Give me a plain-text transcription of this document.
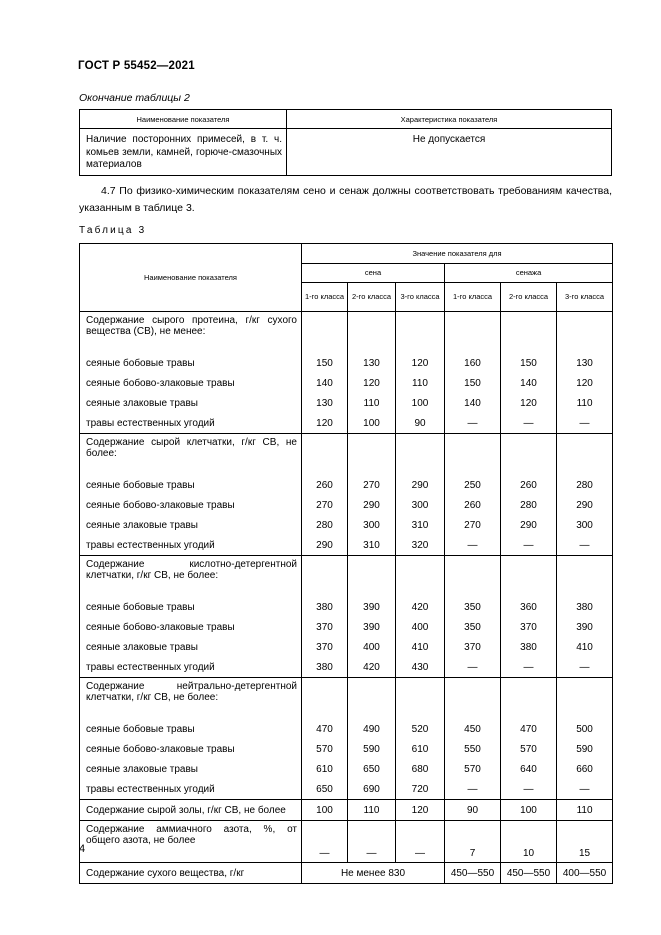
ГОСТ Р 55452—2021
Окончание таблицы 2
Наименование показателя	Характеристика показателя
Наличие посторонних примесей, в т. ч. комьев земли, камней, горюче-смазочных материалов	Не допускается
4.7 По физико-химическим показателям сено и сенаж должны соответствовать требованиям качества, указанным в таблице 3.
Таблица 3
Наименование показателя	Значение показателя для					
	сена			сенажа		
	1-го класса	2-го класса	3-го класса	1-го класса	2-го класса	3-го класса
Содержание сырого протеина, г/кг сухого вещества (СВ), не менее:						
сеяные бобовые травы	150	130	120	160	150	130
сеяные бобово-злаковые травы	140	120	110	150	140	120
сеяные злаковые травы	130	110	100	140	120	110
травы естественных угодий	120	100	90	—	—	—
Содержание сырой клетчатки, г/кг СВ, не более:						
сеяные бобовые травы	260	270	290	250	260	280
сеяные бобово-злаковые травы	270	290	300	260	280	290
сеяные злаковые травы	280	300	310	270	290	300
травы естественных угодий	290	310	320	—	—	—
Содержание кислотно-детергентной клетчатки, г/кг СВ, не более:						
сеяные бобовые травы	380	390	420	350	360	380
сеяные бобово-злаковые травы	370	390	400	350	370	390
сеяные злаковые травы	370	400	410	370	380	410
травы естественных угодий	380	420	430	—	—	—
Содержание нейтрально-детергентной клетчатки, г/кг СВ, не более:						
сеяные бобовые травы	470	490	520	450	470	500
сеяные бобово-злаковые травы	570	590	610	550	570	590
сеяные злаковые травы	610	650	680	570	640	660
травы естественных угодий	650	690	720	—	—	—
Содержание сырой золы, г/кг СВ, не более	100	110	120	90	100	110
Содержание аммиачного азота, %, от общего азота, не более	—	—	—	7	10	15
Содержание сухого вещества, г/кг	Не менее 830			450—550	450—550	400—550
4
